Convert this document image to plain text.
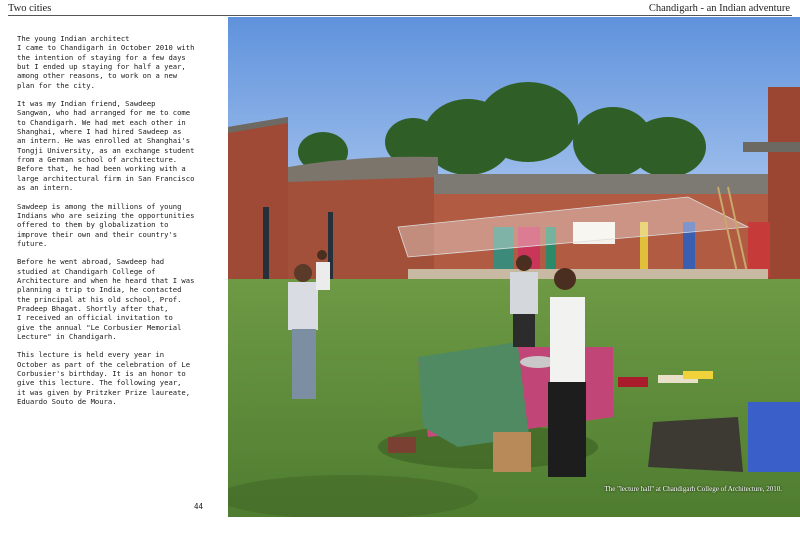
Two cities	Chandigarh - an Indian adventure

The young Indian architect
I came to Chandigarh in October 2010 with
the intention of staying for a few days
but I ended up staying for half a year,
among other reasons, to work on a new
plan for the city.

It was my Indian friend, Sawdeep
Sangwan, who had arranged for me to come
to Chandigarh. We had met each other in
Shanghai, where I had hired Sawdeep as
an intern. He was enrolled at Shanghai's
Tongji University, as an exchange student
from a German school of architecture.
Before that, he had been working with a
large architectural firm in San Francisco
as an intern.

Sawdeep is among the millions of young
Indians who are seizing the opportunities
offered to them by globalization to
improve their own and their country's
future.

Before he went abroad, Sawdeep had
studied at Chandigarh College of
Architecture and when he heard that I was
planning a trip to India, he contacted
the principal at his old school, Prof.
Pradeep Bhagat. Shortly after that,
I received an official invitation to
give the annual "Le Corbusier Memorial
Lecture" in Chandigarh.

This lecture is held every year in
October as part of the celebration of Le
Corbusier's birthday. It is an honor to
give this lecture. The following year,
it was given by Pritzker Prize laureate,
Eduardo Souto de Moura.

44
The "lecture hall" at Chandigarh College of Architecture, 2010.
